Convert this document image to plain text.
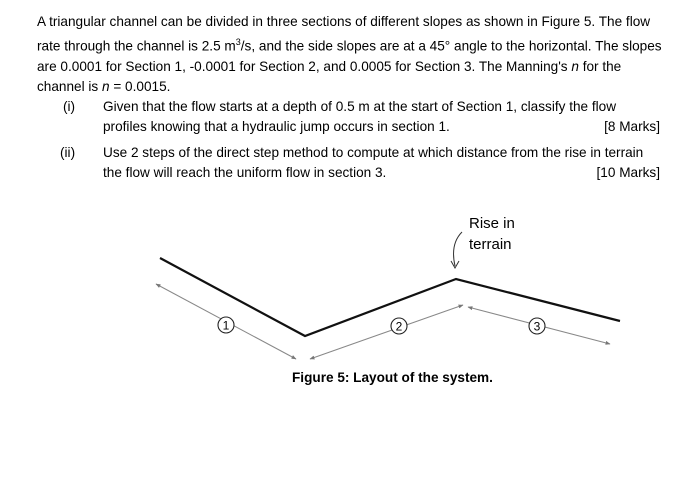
A triangular channel can be divided in three sections of different slopes as shown in Figure 5. The flow rate through the channel is 2.5 $m^3/s$, and the side slopes are at a 45° angle to the horizontal. The slopes are 0.0001 for Section 1, -0.0001 for Section 2, and 0.0005 for Section 3. The Manning's n for the channel is n = 0.0015.

(i) Given that the flow starts at a depth of 0.5 m at the start of Section 1, classify the flow
profiles knowing that a hydraulic jump occurs in section 1.	[8 Marks]
(ii) Use 2 steps of the direct step method to compute at which distance from the rise in terrain
the flow will reach the uniform flow in section 3.	[10 Marks]
1	2	3
Rise in
terrain
Figure 5: Layout of the system.
